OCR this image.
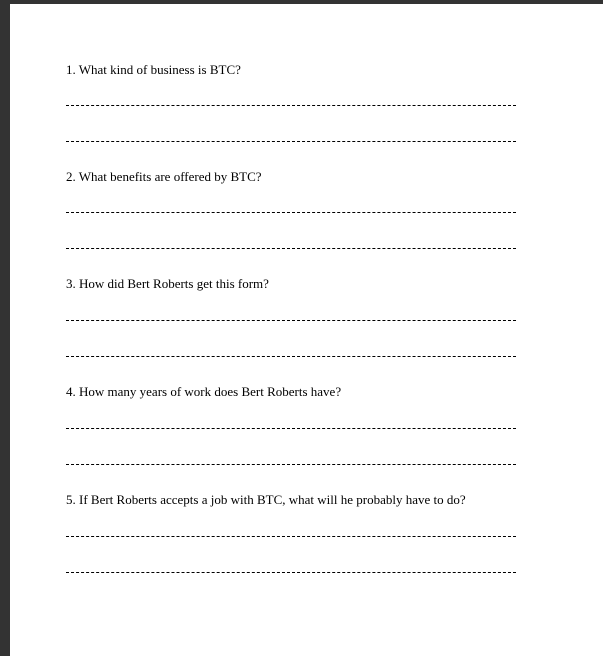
1. What kind of business is BTC?
2. What benefits are offered by BTC?
3. How did Bert Roberts get this form?
4. How many years of work does Bert Roberts have?
5. If Bert Roberts accepts a job with BTC, what will he probably have to do?
